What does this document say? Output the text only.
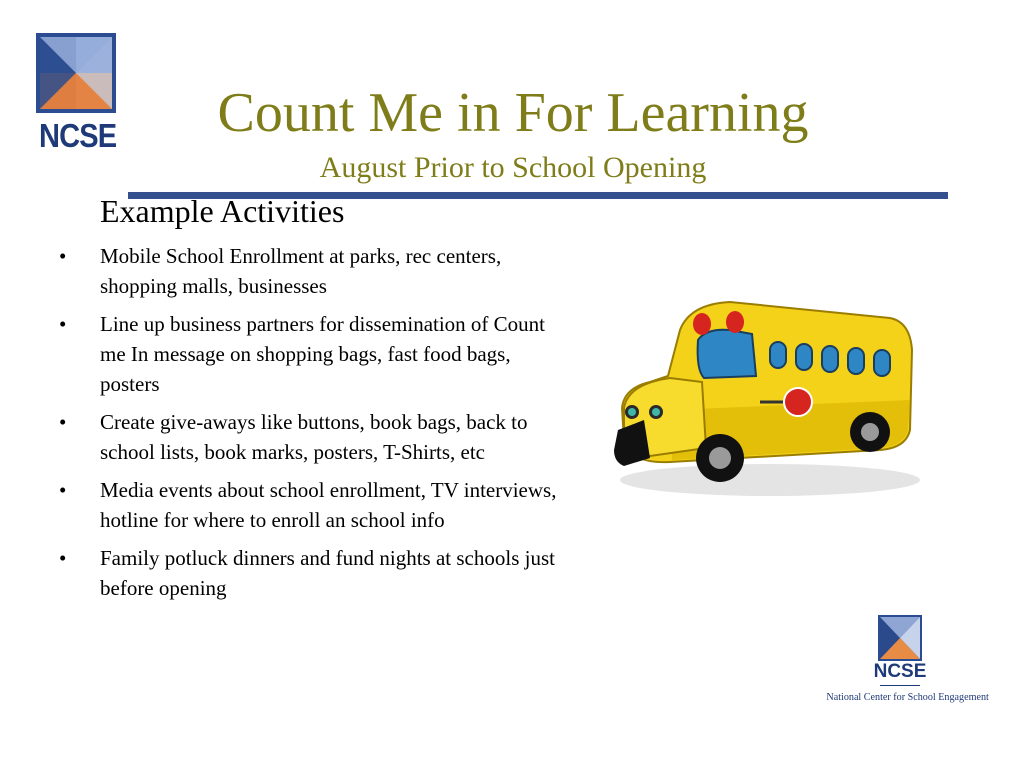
NCSE	Count Me in For Learning
August Prior to School Opening
Example Activities
• Mobile School Enrollment at parks, rec centers, shopping malls, businesses
• Line up business partners for dissemination of Count me In message on shopping bags, fast food bags, posters
• Create give-aways like buttons, book bags, back to school lists, book marks, posters, T-Shirts, etc
• Media events about school enrollment, TV interviews, hotline for where to enroll an school info
• Family potluck dinners and fund nights at schools just before opening
NCSE
National Center for School Engagement
